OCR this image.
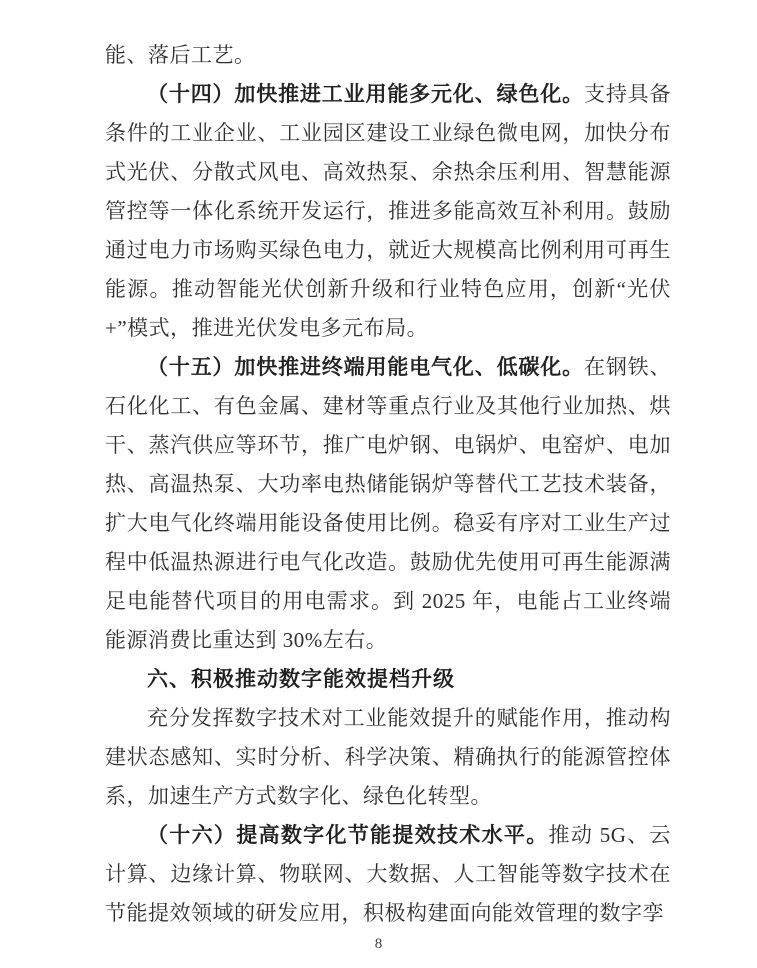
能、落后工艺。

（十四）加快推进工业用能多元化、绿色化。支持具备条件的工业企业、工业园区建设工业绿色微电网，加快分布式光伏、分散式风电、高效热泵、余热余压利用、智慧能源管控等一体化系统开发运行，推进多能高效互补利用。鼓励通过电力市场购买绿色电力，就近大规模高比例利用可再生能源。推动智能光伏创新升级和行业特色应用，创新“光伏+”模式，推进光伏发电多元布局。

（十五）加快推进终端用能电气化、低碳化。在钢铁、石化化工、有色金属、建材等重点行业及其他行业加热、烘干、蒸汽供应等环节，推广电炉钢、电锅炉、电窑炉、电加热、高温热泵、大功率电热储能锅炉等替代工艺技术装备，扩大电气化终端用能设备使用比例。稳妥有序对工业生产过程中低温热源进行电气化改造。鼓励优先使用可再生能源满足电能替代项目的用电需求。到 2025 年，电能占工业终端能源消费比重达到 30%左右。

六、积极推动数字能效提档升级

充分发挥数字技术对工业能效提升的赋能作用，推动构建状态感知、实时分析、科学决策、精确执行的能源管控体系，加速生产方式数字化、绿色化转型。

（十六）提高数字化节能提效技术水平。推动 5G、云计算、边缘计算、物联网、大数据、人工智能等数字技术在节能提效领域的研发应用，积极构建面向能效管理的数字孪

8
